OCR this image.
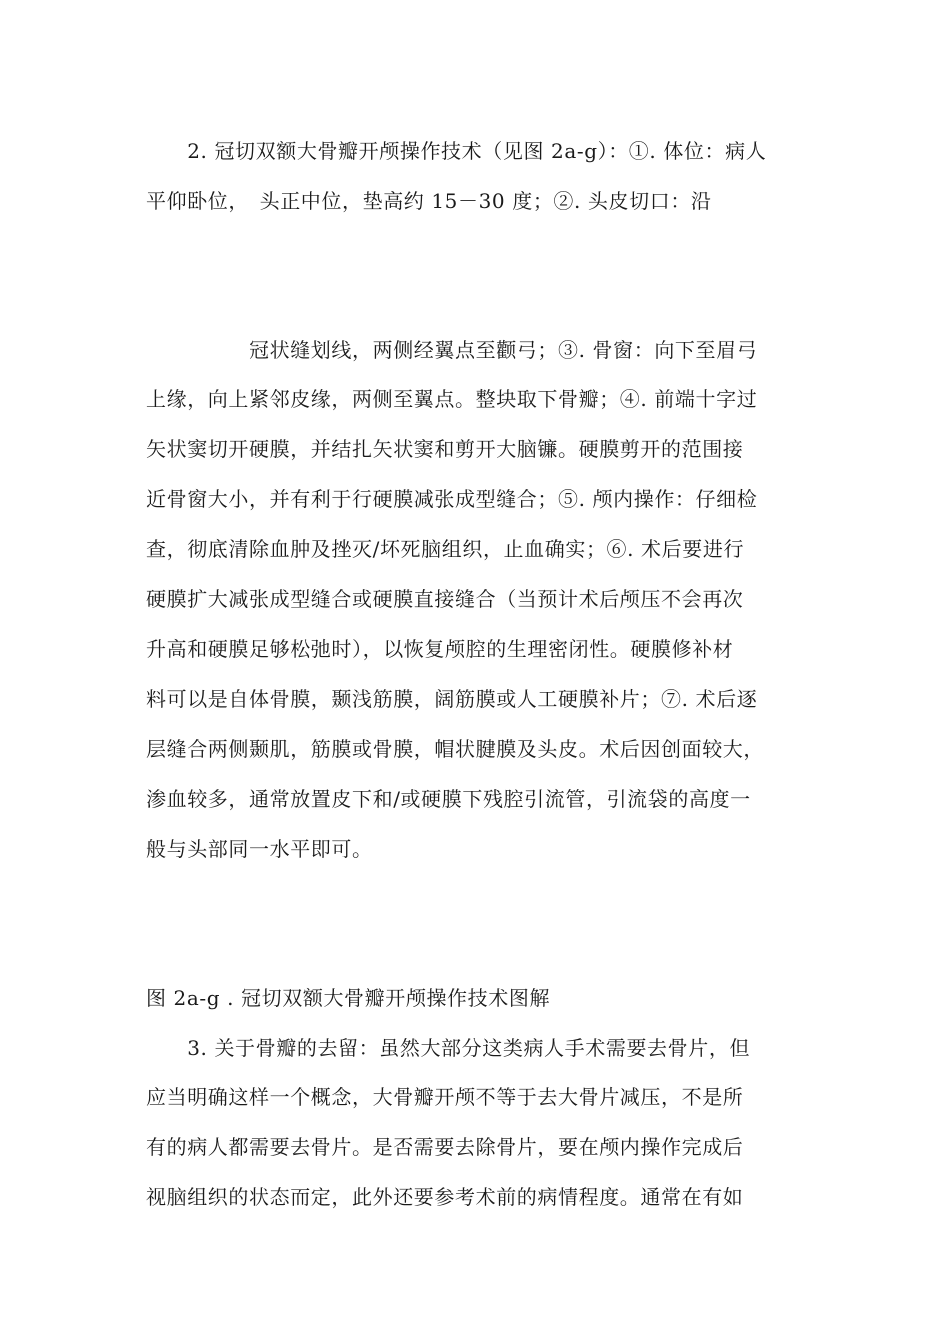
　　2. 冠切双额大骨瓣开颅操作技术（见图 2a-g）：①. 体位：病人
平仰卧位，　头正中位，垫高约 15－30 度；②. 头皮切口：沿
　　　　　冠状缝划线，两侧经翼点至颧弓；③. 骨窗：向下至眉弓
上缘，向上紧邻皮缘，两侧至翼点。整块取下骨瓣；④. 前端十字过
矢状窦切开硬膜，并结扎矢状窦和剪开大脑镰。硬膜剪开的范围接
近骨窗大小，并有利于行硬膜减张成型缝合；⑤. 颅内操作：仔细检
查，彻底清除血肿及挫灭/坏死脑组织，止血确实；⑥. 术后要进行
硬膜扩大减张成型缝合或硬膜直接缝合（当预计术后颅压不会再次
升高和硬膜足够松弛时），以恢复颅腔的生理密闭性。硬膜修补材
料可以是自体骨膜，颞浅筋膜，阔筋膜或人工硬膜补片；⑦. 术后逐
层缝合两侧颞肌，筋膜或骨膜，帽状腱膜及头皮。术后因创面较大，
渗血较多，通常放置皮下和/或硬膜下残腔引流管，引流袋的高度一
般与头部同一水平即可。
图 2a-g . 冠切双额大骨瓣开颅操作技术图解
　　3. 关于骨瓣的去留：虽然大部分这类病人手术需要去骨片，但
应当明确这样一个概念，大骨瓣开颅不等于去大骨片减压，不是所
有的病人都需要去骨片。是否需要去除骨片，要在颅内操作完成后
视脑组织的状态而定，此外还要参考术前的病情程度。通常在有如
